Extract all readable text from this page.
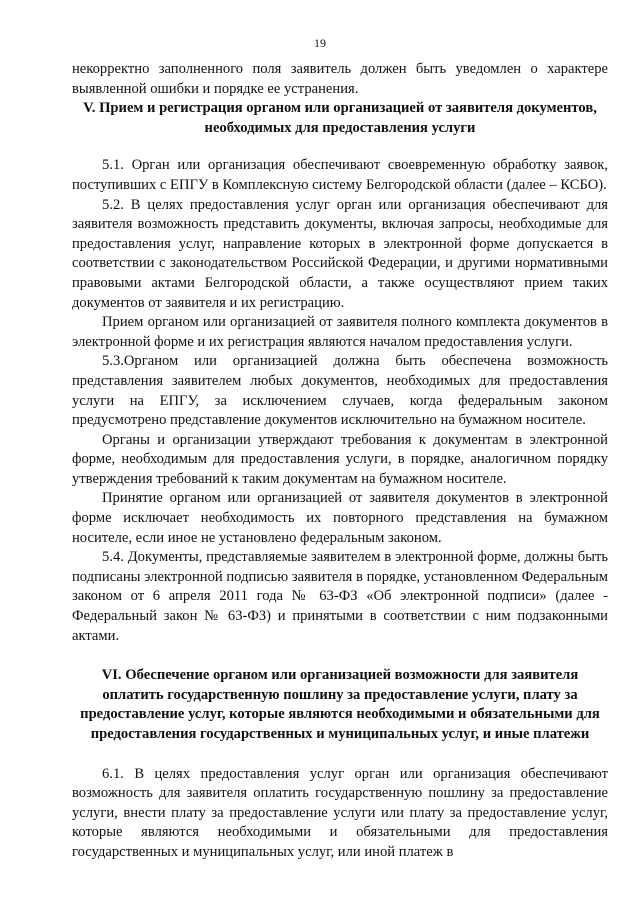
19

некорректно заполненного поля заявитель должен быть уведомлен о характере выявленной ошибки и порядке ее устранения.

V. Прием и регистрация органом или организацией от заявителя документов, необходимых для предоставления услуги

5.1. Орган или организация обеспечивают своевременную обработку заявок, поступивших с ЕПГУ в Комплексную систему Белгородской области (далее – КСБО).

5.2. В целях предоставления услуг орган или организация обеспечивают для заявителя возможность представить документы, включая запросы, необходимые для предоставления услуг, направление которых в электронной форме допускается в соответствии с законодательством Российской Федерации, и другими нормативными правовыми актами Белгородской области, а также осуществляют прием таких документов от заявителя и их регистрацию.

Прием органом или организацией от заявителя полного комплекта документов в электронной форме и их регистрация являются началом предоставления услуги.

5.3.Органом или организацией должна быть обеспечена возможность представления заявителем любых документов, необходимых для предоставления услуги на ЕПГУ, за исключением случаев, когда федеральным законом предусмотрено представление документов исключительно на бумажном носителе.

Органы и организации утверждают требования к документам в электронной форме, необходимым для предоставления услуги, в порядке, аналогичном порядку утверждения требований к таким документам на бумажном носителе.

Принятие органом или организацией от заявителя документов в электронной форме исключает необходимость их повторного представления на бумажном носителе, если иное не установлено федеральным законом.

5.4. Документы, представляемые заявителем в электронной форме, должны быть подписаны электронной подписью заявителя в порядке, установленном Федеральным законом от 6 апреля 2011 года № 63-ФЗ «Об электронной подписи» (далее - Федеральный закон № 63-ФЗ) и принятыми в соответствии с ним подзаконными актами.

VI. Обеспечение органом или организацией возможности для заявителя оплатить государственную пошлину за предоставление услуги, плату за предоставление услуг, которые являются необходимыми и обязательными для предоставления государственных и муниципальных услуг, и иные платежи

6.1. В целях предоставления услуг орган или организация обеспечивают возможность для заявителя оплатить государственную пошлину за предоставление услуги, внести плату за предоставление услуги или плату за предоставление услуг, которые являются необходимыми и обязательными для предоставления государственных и муниципальных услуг, или иной платеж в
